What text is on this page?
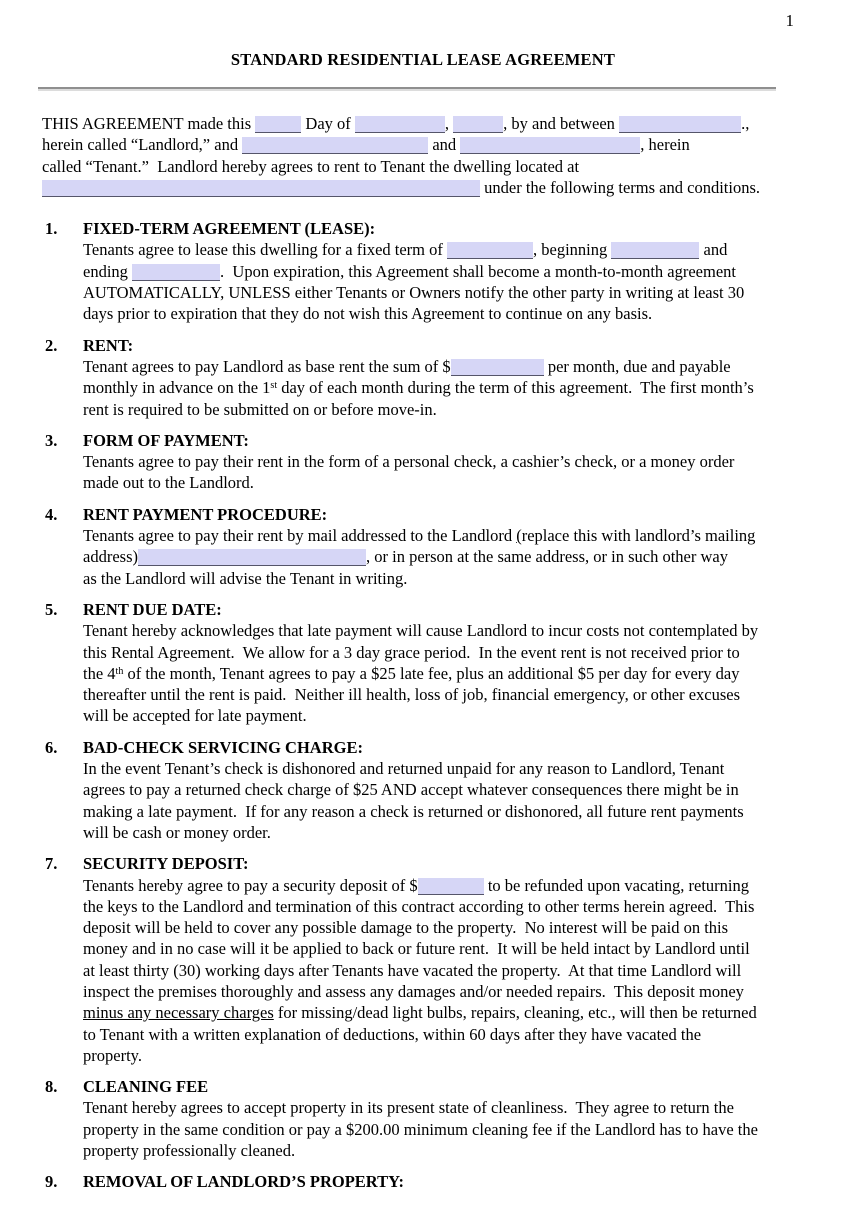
1
STANDARD RESIDENTIAL LEASE AGREEMENT
THIS AGREEMENT made this	Day of	,	, by and between	.,
herein called “Landlord,” and	and	, herein
called “Tenant.”  Landlord hereby agrees to rent to Tenant the dwelling located at
under the following terms and conditions.
1.	FIXED-TERM AGREEMENT (LEASE):
Tenants agree to lease this dwelling for a fixed term of	, beginning	and
ending	.  Upon expiration, this Agreement shall become a month-to-month agreement
AUTOMATICALLY, UNLESS either Tenants or Owners notify the other party in writing at least 30
days prior to expiration that they do not wish this Agreement to continue on any basis.
2.	RENT:
Tenant agrees to pay Landlord as base rent the sum of $	per month, due and payable
monthly in advance on the 1st day of each month during the term of this agreement.  The first month’s
rent is required to be submitted on or before move-in.
3.	FORM OF PAYMENT:
Tenants agree to pay their rent in the form of a personal check, a cashier’s check, or a money order
made out to the Landlord.
4.	RENT PAYMENT PROCEDURE:
Tenants agree to pay their rent by mail addressed to the Landlord (replace this with landlord’s mailing
address)	, or in person at the same address, or in such other way
as the Landlord will advise the Tenant in writing.
5.	RENT DUE DATE:
Tenant hereby acknowledges that late payment will cause Landlord to incur costs not contemplated by
this Rental Agreement.  We allow for a 3 day grace period.  In the event rent is not received prior to
the 4th of the month, Tenant agrees to pay a $25 late fee, plus an additional $5 per day for every day
thereafter until the rent is paid.  Neither ill health, loss of job, financial emergency, or other excuses
will be accepted for late payment.
6.	BAD-CHECK SERVICING CHARGE:
In the event Tenant’s check is dishonored and returned unpaid for any reason to Landlord, Tenant
agrees to pay a returned check charge of $25 AND accept whatever consequences there might be in
making a late payment.  If for any reason a check is returned or dishonored, all future rent payments
will be cash or money order.
7.	SECURITY DEPOSIT:
Tenants hereby agree to pay a security deposit of $	to be refunded upon vacating, returning
the keys to the Landlord and termination of this contract according to other terms herein agreed.  This
deposit will be held to cover any possible damage to the property.  No interest will be paid on this
money and in no case will it be applied to back or future rent.  It will be held intact by Landlord until
at least thirty (30) working days after Tenants have vacated the property.  At that time Landlord will
inspect the premises thoroughly and assess any damages and/or needed repairs.  This deposit money
minus any necessary charges for missing/dead light bulbs, repairs, cleaning, etc., will then be returned
to Tenant with a written explanation of deductions, within 60 days after they have vacated the
property.
8.	CLEANING FEE
Tenant hereby agrees to accept property in its present state of cleanliness.  They agree to return the
property in the same condition or pay a $200.00 minimum cleaning fee if the Landlord has to have the
property professionally cleaned.
9.	REMOVAL OF LANDLORD’S PROPERTY:
